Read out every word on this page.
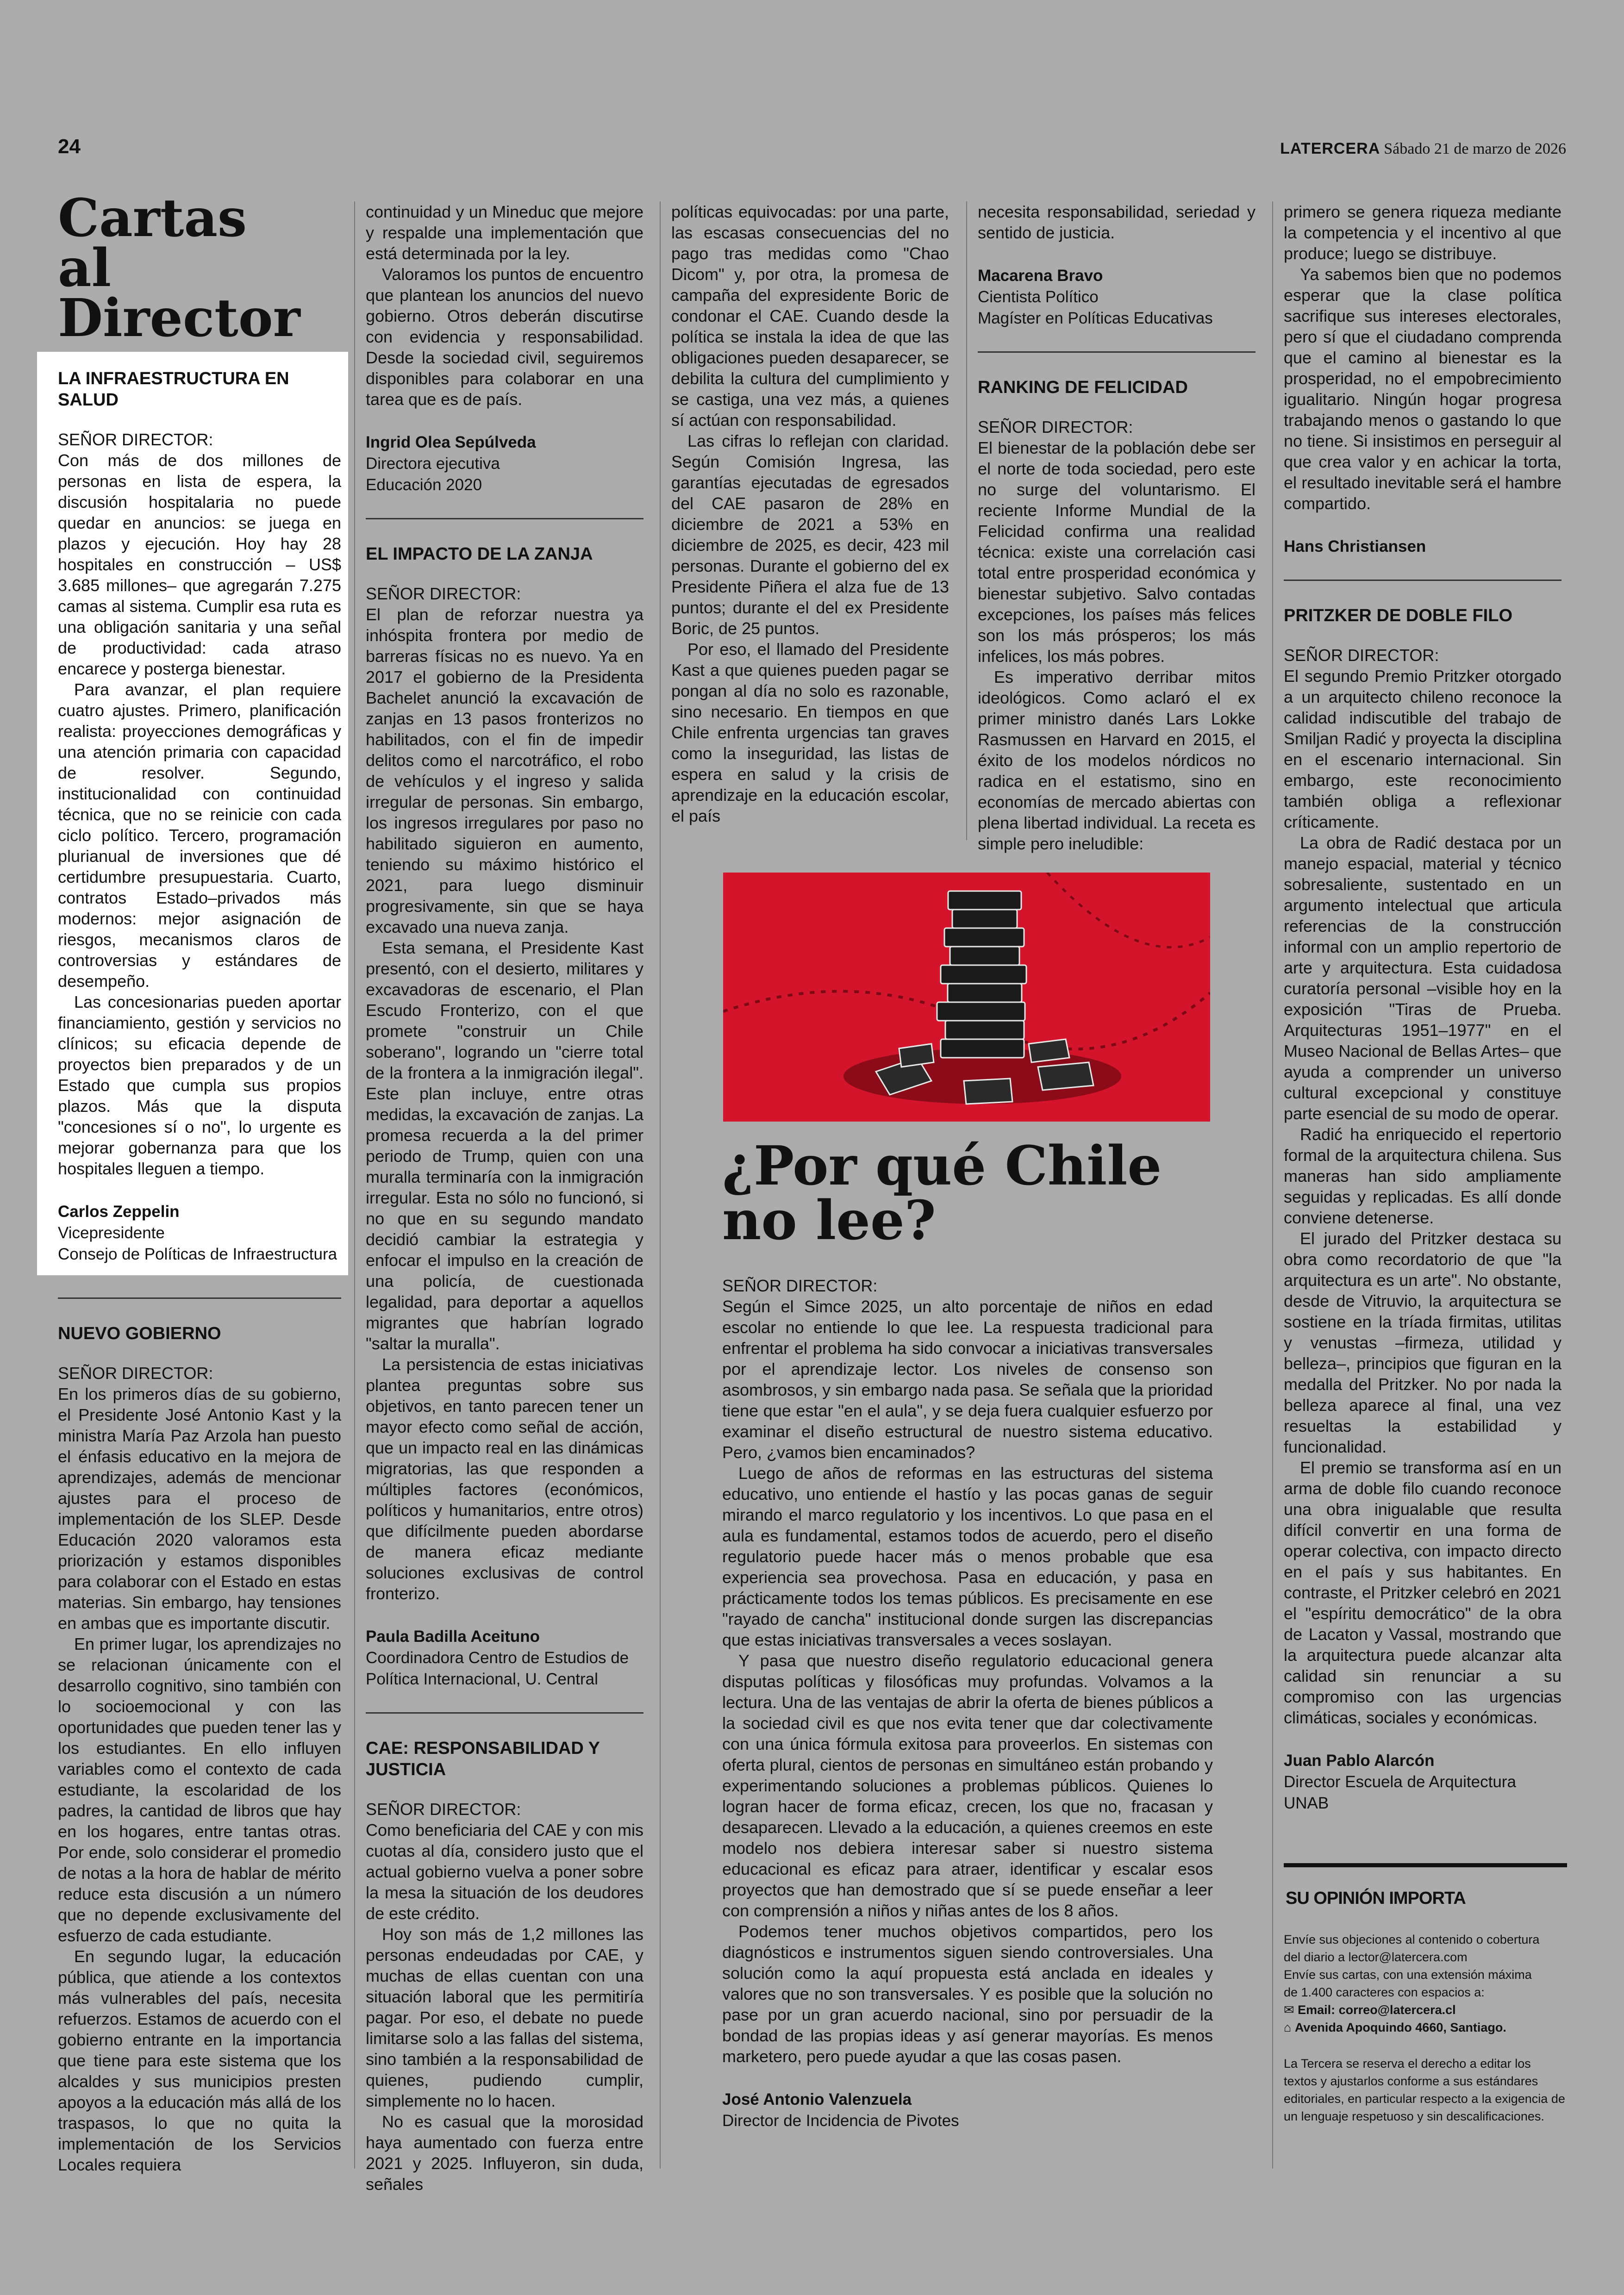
24	LATERCERA Sábado 21 de marzo de 2026
Cartas al Director
LA INFRAESTRUCTURA EN SALUD

SEÑOR DIRECTOR:

Con más de dos millones de personas en lista de espera, la discusión hospitalaria no puede quedar en anuncios: se juega en plazos y ejecución. Hoy hay 28 hospitales en construcción – US$ 3.685 millones– que agregarán 7.275 camas al sistema. Cumplir esa ruta es una obligación sanitaria y una señal de productividad: cada atraso encarece y posterga bienestar.

Para avanzar, el plan requiere cuatro ajustes. Primero, planificación realista: proyecciones demográficas y una atención primaria con capacidad de resolver. Segundo, institucionalidad con continuidad técnica, que no se reinicie con cada ciclo político. Tercero, programación plurianual de inversiones que dé certidumbre presupuestaria. Cuarto, contratos Estado–privados más modernos: mejor asignación de riesgos, mecanismos claros de controversias y estándares de desempeño.

Las concesionarias pueden aportar financiamiento, gestión y servicios no clínicos; su eficacia depende de proyectos bien preparados y de un Estado que cumpla sus propios plazos. Más que la disputa "concesiones sí o no", lo urgente es mejorar gobernanza para que los hospitales lleguen a tiempo.

Carlos Zeppelin
Vicepresidente
Consejo de Políticas de Infraestructura
NUEVO GOBIERNO

SEÑOR DIRECTOR:

En los primeros días de su gobierno, el Presidente José Antonio Kast y la ministra María Paz Arzola han puesto el énfasis educativo en la mejora de aprendizajes, además de mencionar ajustes para el proceso de implementación de los SLEP. Desde Educación 2020 valoramos esta priorización y estamos disponibles para colaborar con el Estado en estas materias. Sin embargo, hay tensiones en ambas que es importante discutir.

En primer lugar, los aprendizajes no se relacionan únicamente con el desarrollo cognitivo, sino también con lo socioemocional y con las oportunidades que pueden tener las y los estudiantes. En ello influyen variables como el contexto de cada estudiante, la escolaridad de los padres, la cantidad de libros que hay en los hogares, entre tantas otras. Por ende, solo considerar el promedio de notas a la hora de hablar de mérito reduce esta discusión a un número que no depende exclusivamente del esfuerzo de cada estudiante.

En segundo lugar, la educación pública, que atiende a los contextos más vulnerables del país, necesita refuerzos. Estamos de acuerdo con el gobierno entrante en la importancia que tiene para este sistema que los alcaldes y sus municipios presten apoyos a la educación más allá de los traspasos, lo que no quita la implementación de los Servicios Locales requiera

continuidad y un Mineduc que mejore y respalde una implementación que está determinada por la ley.

Valoramos los puntos de encuentro que plantean los anuncios del nuevo gobierno. Otros deberán discutirse con evidencia y responsabilidad. Desde la sociedad civil, seguiremos disponibles para colaborar en una tarea que es de país.

Ingrid Olea Sepúlveda
Directora ejecutiva
Educación 2020
EL IMPACTO DE LA ZANJA

SEÑOR DIRECTOR:

El plan de reforzar nuestra ya inhóspita frontera por medio de barreras físicas no es nuevo. Ya en 2017 el gobierno de la Presidenta Bachelet anunció la excavación de zanjas en 13 pasos fronterizos no habilitados, con el fin de impedir delitos como el narcotráfico, el robo de vehículos y el ingreso y salida irregular de personas. Sin embargo, los ingresos irregulares por paso no habilitado siguieron en aumento, teniendo su máximo histórico el 2021, para luego disminuir progresivamente, sin que se haya excavado una nueva zanja.

Esta semana, el Presidente Kast presentó, con el desierto, militares y excavadoras de escenario, el Plan Escudo Fronterizo, con el que promete "construir un Chile soberano", logrando un "cierre total de la frontera a la inmigración ilegal". Este plan incluye, entre otras medidas, la excavación de zanjas. La promesa recuerda a la del primer periodo de Trump, quien con una muralla terminaría con la inmigración irregular. Esta no sólo no funcionó, si no que en su segundo mandato decidió cambiar la estrategia y enfocar el impulso en la creación de una policía, de cuestionada legalidad, para deportar a aquellos migrantes que habrían logrado "saltar la muralla".

La persistencia de estas iniciativas plantea preguntas sobre sus objetivos, en tanto parecen tener un mayor efecto como señal de acción, que un impacto real en las dinámicas migratorias, las que responden a múltiples factores (económicos, políticos y humanitarios, entre otros) que difícilmente pueden abordarse de manera eficaz mediante soluciones exclusivas de control fronterizo.

Paula Badilla Aceituno
Coordinadora Centro de Estudios de
Política Internacional, U. Central
CAE: RESPONSABILIDAD Y JUSTICIA

SEÑOR DIRECTOR:

Como beneficiaria del CAE y con mis cuotas al día, considero justo que el actual gobierno vuelva a poner sobre la mesa la situación de los deudores de este crédito.

Hoy son más de 1,2 millones las personas endeudadas por CAE, y muchas de ellas cuentan con una situación laboral que les permitiría pagar. Por eso, el debate no puede limitarse solo a las fallas del sistema, sino también a la responsabilidad de quienes, pudiendo cumplir, simplemente no lo hacen.

No es casual que la morosidad haya aumentado con fuerza entre 2021 y 2025. Influyeron, sin duda, señales

políticas equivocadas: por una parte, las escasas consecuencias del no pago tras medidas como "Chao Dicom" y, por otra, la promesa de campaña del expresidente Boric de condonar el CAE. Cuando desde la política se instala la idea de que las obligaciones pueden desaparecer, se debilita la cultura del cumplimiento y se castiga, una vez más, a quienes sí actúan con responsabilidad.

Las cifras lo reflejan con claridad. Según Comisión Ingresa, las garantías ejecutadas de egresados del CAE pasaron de 28% en diciembre de 2021 a 53% en diciembre de 2025, es decir, 423 mil personas. Durante el gobierno del ex Presidente Piñera el alza fue de 13 puntos; durante el del ex Presidente Boric, de 25 puntos.

Por eso, el llamado del Presidente Kast a que quienes pueden pagar se pongan al día no solo es razonable, sino necesario. En tiempos en que Chile enfrenta urgencias tan graves como la inseguridad, las listas de espera en salud y la crisis de aprendizaje en la educación escolar, el país

necesita responsabilidad, seriedad y sentido de justicia.

Macarena Bravo
Cientista Político
Magíster en Políticas Educativas
RANKING DE FELICIDAD

SEÑOR DIRECTOR:

El bienestar de la población debe ser el norte de toda sociedad, pero este no surge del voluntarismo. El reciente Informe Mundial de la Felicidad confirma una realidad técnica: existe una correlación casi total entre prosperidad económica y bienestar subjetivo. Salvo contadas excepciones, los países más felices son los más prósperos; los más infelices, los más pobres.

Es imperativo derribar mitos ideológicos. Como aclaró el ex primer ministro danés Lars Lokke Rasmussen en Harvard en 2015, el éxito de los modelos nórdicos no radica en el estatismo, sino en economías de mercado abiertas con plena libertad individual. La receta es simple pero ineludible:

primero se genera riqueza mediante la competencia y el incentivo al que produce; luego se distribuye.

Ya sabemos bien que no podemos esperar que la clase política sacrifique sus intereses electorales, pero sí que el ciudadano comprenda que el camino al bienestar es la prosperidad, no el empobrecimiento igualitario. Ningún hogar progresa trabajando menos o gastando lo que no tiene. Si insistimos en perseguir al que crea valor y en achicar la torta, el resultado inevitable será el hambre compartido.

Hans Christiansen
PRITZKER DE DOBLE FILO

SEÑOR DIRECTOR:

El segundo Premio Pritzker otorgado a un arquitecto chileno reconoce la calidad indiscutible del trabajo de Smiljan Radić y proyecta la disciplina en el escenario internacional. Sin embargo, este reconocimiento también obliga a reflexionar críticamente.

La obra de Radić destaca por un manejo espacial, material y técnico sobresaliente, sustentado en un argumento intelectual que articula referencias de la construcción informal con un amplio repertorio de arte y arquitectura. Esta cuidadosa curatoría personal –visible hoy en la exposición "Tiras de Prueba. Arquitecturas 1951–1977" en el Museo Nacional de Bellas Artes– que ayuda a comprender un universo cultural excepcional y constituye parte esencial de su modo de operar.

Radić ha enriquecido el repertorio formal de la arquitectura chilena. Sus maneras han sido ampliamente seguidas y replicadas. Es allí donde conviene detenerse.

El jurado del Pritzker destaca su obra como recordatorio de que "la arquitectura es un arte". No obstante, desde de Vitruvio, la arquitectura se sostiene en la tríada firmitas, utilitas y venustas –firmeza, utilidad y belleza–, principios que figuran en la medalla del Pritzker. No por nada la belleza aparece al final, una vez resueltas la estabilidad y funcionalidad.

El premio se transforma así en un arma de doble filo cuando reconoce una obra inigualable que resulta difícil convertir en una forma de operar colectiva, con impacto directo en el país y sus habitantes. En contraste, el Pritzker celebró en 2021 el "espíritu democrático" de la obra de Lacaton y Vassal, mostrando que la arquitectura puede alcanzar alta calidad sin renunciar a su compromiso con las urgencias climáticas, sociales y económicas.

Juan Pablo Alarcón
Director Escuela de Arquitectura
UNAB
¿Por qué Chile no lee?

SEÑOR DIRECTOR:

Según el Simce 2025, un alto porcentaje de niños en edad escolar no entiende lo que lee. La respuesta tradicional para enfrentar el problema ha sido convocar a iniciativas transversales por el aprendizaje lector. Los niveles de consenso son asombrosos, y sin embargo nada pasa. Se señala que la prioridad tiene que estar "en el aula", y se deja fuera cualquier esfuerzo por examinar el diseño estructural de nuestro sistema educativo. Pero, ¿vamos bien encaminados?

Luego de años de reformas en las estructuras del sistema educativo, uno entiende el hastío y las pocas ganas de seguir mirando el marco regulatorio y los incentivos. Lo que pasa en el aula es fundamental, estamos todos de acuerdo, pero el diseño regulatorio puede hacer más o menos probable que esa experiencia sea provechosa. Pasa en educación, y pasa en prácticamente todos los temas públicos. Es precisamente en ese "rayado de cancha" institucional donde surgen las discrepancias que estas iniciativas transversales a veces soslayan.

Y pasa que nuestro diseño regulatorio educacional genera disputas políticas y filosóficas muy profundas. Volvamos a la lectura. Una de las ventajas de abrir la oferta de bienes públicos a la sociedad civil es que nos evita tener que dar colectivamente con una única fórmula exitosa para proveerlos. En sistemas con oferta plural, cientos de personas en simultáneo están probando y experimentando soluciones a problemas públicos. Quienes lo logran hacer de forma eficaz, crecen, los que no, fracasan y desaparecen. Llevado a la educación, a quienes creemos en este modelo nos debiera interesar saber si nuestro sistema educacional es eficaz para atraer, identificar y escalar esos proyectos que han demostrado que sí se puede enseñar a leer con comprensión a niños y niñas antes de los 8 años.

Podemos tener muchos objetivos compartidos, pero los diagnósticos e instrumentos siguen siendo controversiales. Una solución como la aquí propuesta está anclada en ideales y valores que no son transversales. Y es posible que la solución no pase por un gran acuerdo nacional, sino por persuadir de la bondad de las propias ideas y así generar mayorías. Es menos marketero, pero puede ayudar a que las cosas pasen.

José Antonio Valenzuela
Director de Incidencia de Pivotes
SU OPINIÓN IMPORTA
Envíe sus objeciones al contenido o cobertura
del diario a lector@latercera.com
Envíe sus cartas, con una extensión máxima
de 1.400 caracteres con espacios a:
✉ Email: correo@latercera.cl
⌂ Avenida Apoquindo 4660, Santiago.
La Tercera se reserva el derecho a editar los textos y ajustarlos conforme a sus estándares editoriales, en particular respecto a la exigencia de un lenguaje respetuoso y sin descalificaciones.
